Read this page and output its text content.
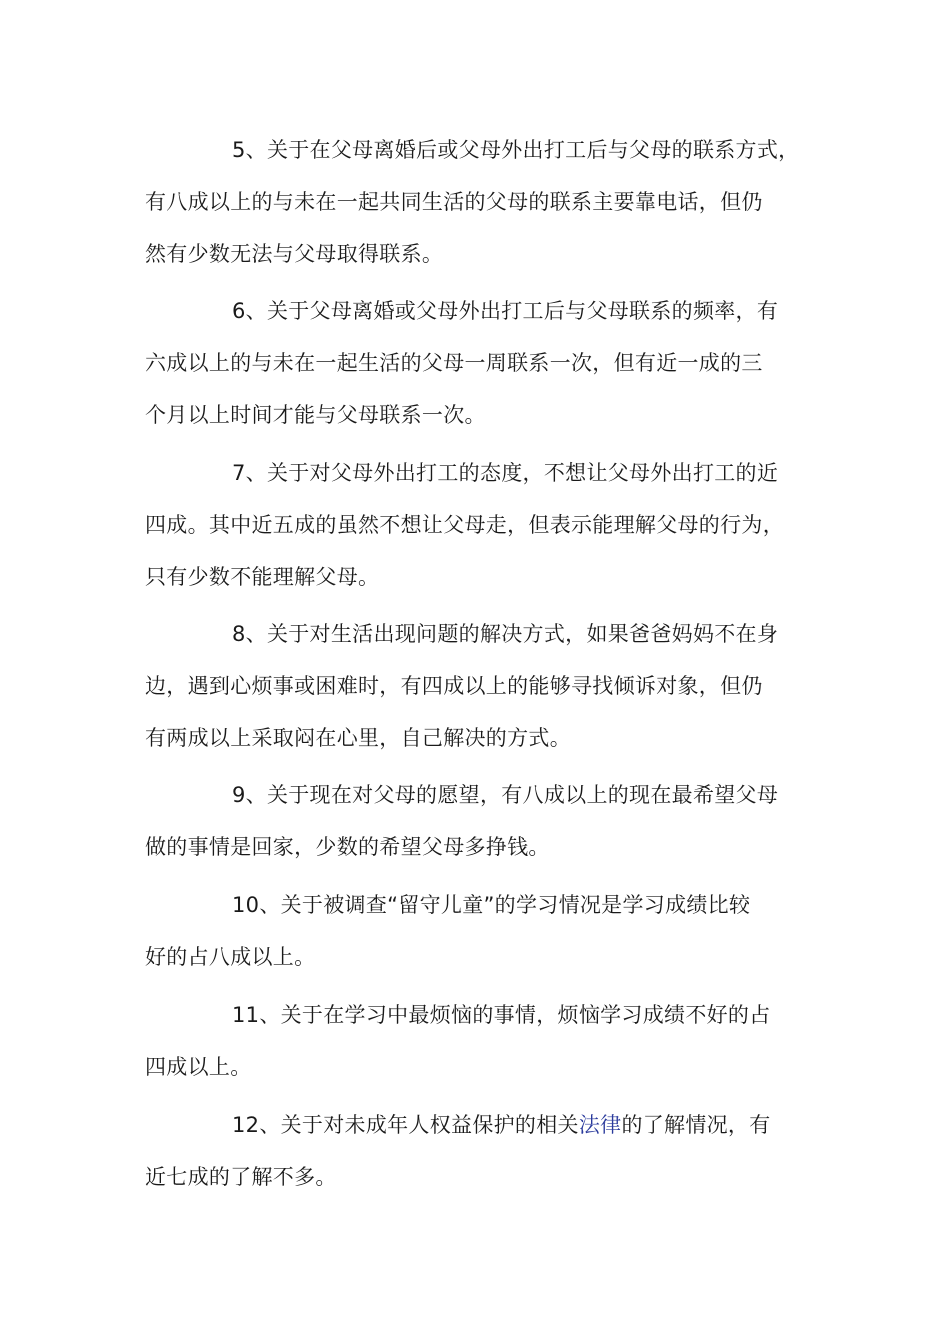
5、关于在父母离婚后或父母外出打工后与父母的联系方式，
有八成以上的与未在一起共同生活的父母的联系主要靠电话，但仍
然有少数无法与父母取得联系。

6、关于父母离婚或父母外出打工后与父母联系的频率，有
六成以上的与未在一起生活的父母一周联系一次，但有近一成的三
个月以上时间才能与父母联系一次。

7、关于对父母外出打工的态度，不想让父母外出打工的近
四成。其中近五成的虽然不想让父母走，但表示能理解父母的行为，
只有少数不能理解父母。

8、关于对生活出现问题的解决方式，如果爸爸妈妈不在身
边，遇到心烦事或困难时，有四成以上的能够寻找倾诉对象，但仍
有两成以上采取闷在心里，自己解决的方式。

9、关于现在对父母的愿望，有八成以上的现在最希望父母
做的事情是回家，少数的希望父母多挣钱。

10、关于被调查“留守儿童”的学习情况是学习成绩比较
好的占八成以上。

11、关于在学习中最烦恼的事情，烦恼学习成绩不好的占
四成以上。

12、关于对未成年人权益保护的相关法律的了解情况，有
近七成的了解不多。
